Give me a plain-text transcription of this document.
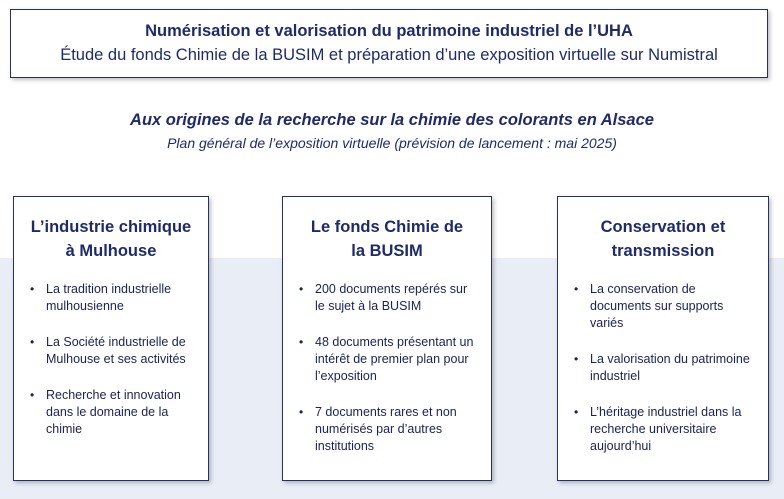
Numérisation et valorisation du patrimoine industriel de l’UHA
Étude du fonds Chimie de la BUSIM et préparation d’une exposition virtuelle sur Numistral
Aux origines de la recherche sur la chimie des colorants en Alsace
Plan général de l’exposition virtuelle (prévision de lancement : mai 2025)
L’industrie chimique
à Mulhouse
• La tradition industrielle mulhousienne
• La Société industrielle de Mulhouse et ses activités
• Recherche et innovation dans le domaine de la chimie
Le fonds Chimie de
la BUSIM
• 200 documents repérés sur le sujet à la BUSIM
• 48 documents présentant un intérêt de premier plan pour l’exposition
• 7 documents rares et non numérisés par d’autres institutions
Conservation et
transmission
• La conservation de documents sur supports variés
• La valorisation du patrimoine industriel
• L’héritage industriel dans la recherche universitaire aujourd’hui
